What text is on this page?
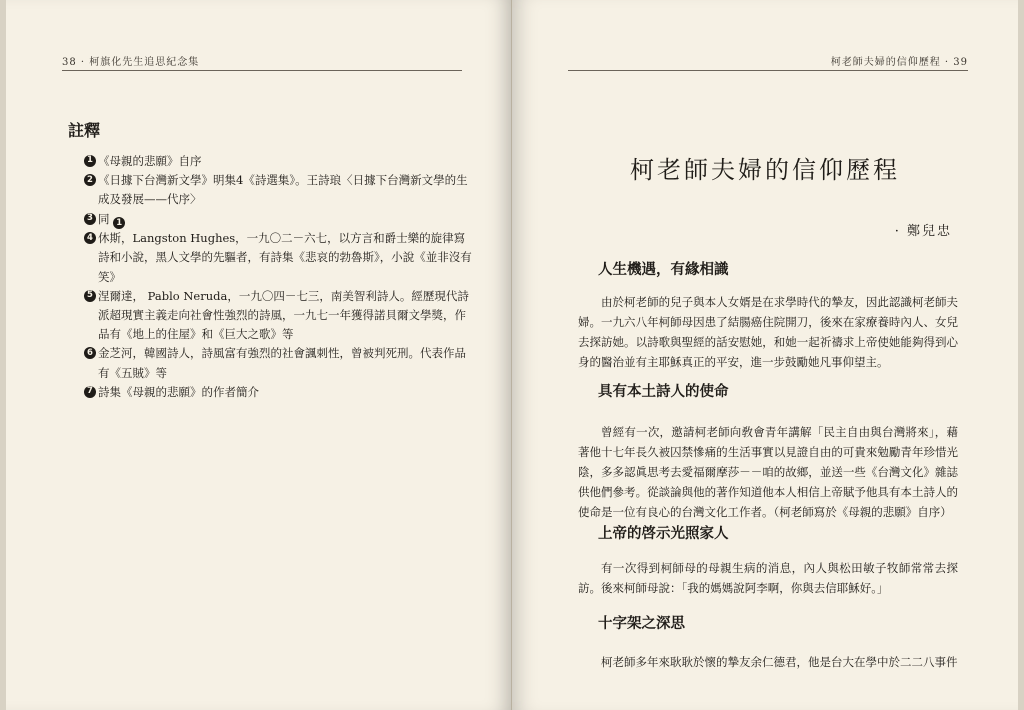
38 · 柯旗化先生追思紀念集
註釋
1 《母親的悲願》自序
2 《日據下台灣新文學》明集4《詩選集》。王詩琅〈日據下台灣新文學的生成及發展——代序〉
3 同 1
4 休斯，Langston Hughes，一九〇二－六七，以方言和爵士樂的旋律寫詩和小說，黑人文學的先驅者，有詩集《悲哀的勃魯斯》，小說《並非沒有笑》
5 涅爾達， Pablo Neruda，一九〇四－七三，南美智利詩人。經歷現代詩派超現實主義走向社會性強烈的詩風，一九七一年獲得諾貝爾文學獎，作品有《地上的住屋》和《巨大之歌》等
6 金芝河，韓國詩人，詩風富有強烈的社會諷刺性，曾被判死刑。代表作品有《五賊》等
7 詩集《母親的悲願》的作者簡介
柯老師夫婦的信仰歷程 · 39
柯老師夫婦的信仰歷程
· 鄭兒忠
人生機遇，有緣相識

由於柯老師的兒子與本人女婿是在求學時代的摯友，因此認識柯老師夫婦。一九六八年柯師母因患了結腸癌住院開刀，後來在家療養時內人、女兒去探訪她。以詩歌與聖經的話安慰她，和她一起祈禱求上帝使她能夠得到心身的醫治並有主耶穌真正的平安，進一步鼓勵她凡事仰望主。

具有本土詩人的使命

曾經有一次，邀請柯老師向敎會青年講解「民主自由與台灣將來」，藉著他十七年長久被囚禁慘痛的生活事實以見證自由的可貴來勉勵青年珍惜光陰，多多認眞思考去愛福爾摩莎－－咱的故鄉，並送一些《台灣文化》雜誌供他們參考。從談論與他的著作知道他本人相信上帝賦予他具有本土詩人的使命是一位有良心的台灣文化工作者。（柯老師寫於《母親的悲願》自序）

上帝的啓示光照家人

有一次得到柯師母的母親生病的消息，內人與松田敏子牧師常常去探訪。後來柯師母說：「我的媽媽說阿李啊，你與去信耶穌好。」

十字架之深思

柯老師多年來耿耿於懷的摯友余仁德君，他是台大在學中於二二八事件
